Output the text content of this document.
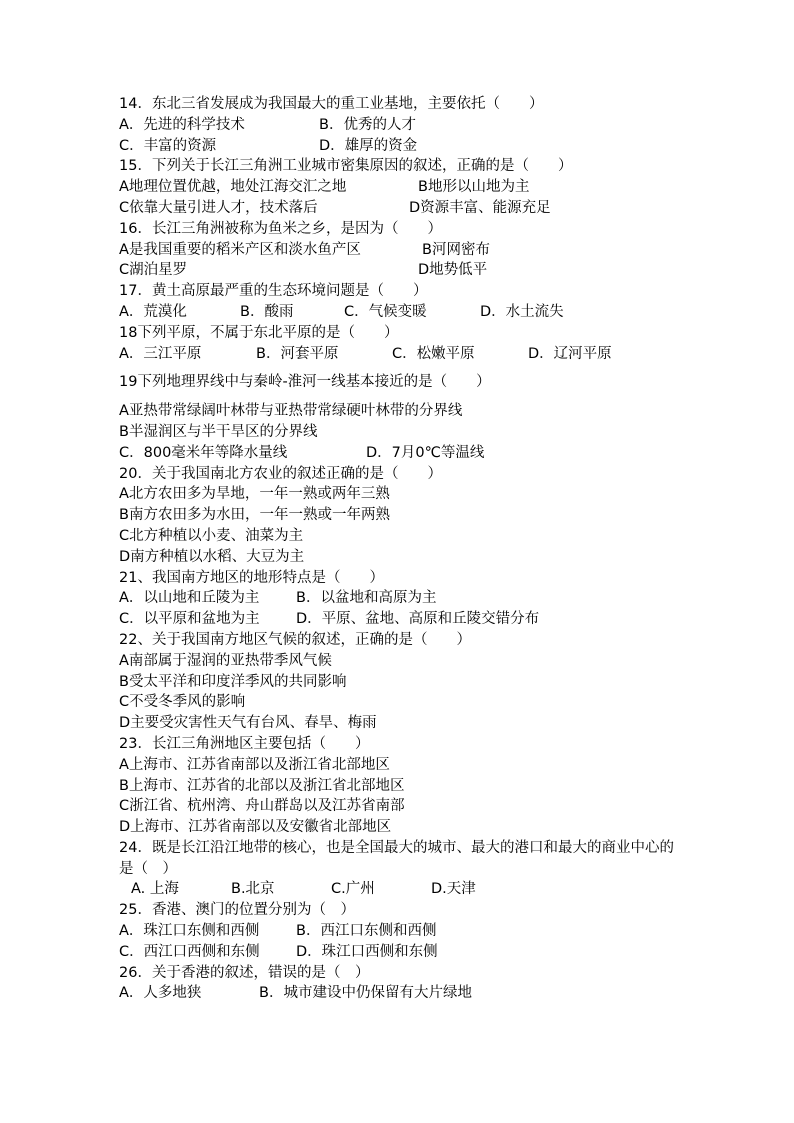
14．东北三省发展成为我国最大的重工业基地，主要依托（　　）
A．先进的科学技术	B．优秀的人才
C．丰富的资源	D．雄厚的资金
15．下列关于长江三角洲工业城市密集原因的叙述，正确的是（　　）
A地理位置优越，地处江海交汇之地	B地形以山地为主
C依靠大量引进人才，技术落后	D资源丰富、能源充足
16．长江三角洲被称为鱼米之乡，是因为（　　）
A是我国重要的稻米产区和淡水鱼产区	B河网密布
C湖泊星罗	D地势低平
17．黄土高原最严重的生态环境问题是（　　）
A．荒漠化	B．酸雨	C．气候变暖	D．水土流失
18下列平原，不属于东北平原的是（　　）
A．三江平原	B．河套平原	C．松嫩平原	D．辽河平原
19下列地理界线中与秦岭-淮河一线基本接近的是（　　）
A亚热带常绿阔叶林带与亚热带常绿硬叶林带的分界线
B半湿润区与半干旱区的分界线
C．800毫米年等降水量线	D．7月0℃等温线
20．关于我国南北方农业的叙述正确的是（　　）
A北方农田多为旱地，一年一熟或两年三熟
B南方农田多为水田，一年一熟或一年两熟
C北方种植以小麦、油菜为主
D南方种植以水稻、大豆为主
21、我国南方地区的地形特点是（　　）
A．以山地和丘陵为主	B．以盆地和高原为主
C．以平原和盆地为主	D．平原、盆地、高原和丘陵交错分布
22、关于我国南方地区气候的叙述，正确的是（　　）
A南部属于湿润的亚热带季风气候
B受太平洋和印度洋季风的共同影响
C不受冬季风的影响
D主要受灾害性天气有台风、春旱、梅雨
23．长江三角洲地区主要包括（　　）
A上海市、江苏省南部以及浙江省北部地区
B上海市、江苏省的北部以及浙江省北部地区
C浙江省、杭州湾、舟山群岛以及江苏省南部
D上海市、江苏省南部以及安徽省北部地区
24．既是长江沿江地带的核心，也是全国最大的城市、最大的港口和最大的商业中心的是（　）
A. 上海	B.北京	C.广州	D.天津
25．香港、澳门的位置分别为（　）
A．珠江口东侧和西侧	B．西江口东侧和西侧
C．西江口西侧和东侧	D．珠江口西侧和东侧
26．关于香港的叙述，错误的是（　）
A．人多地狭	B．城市建设中仍保留有大片绿地
